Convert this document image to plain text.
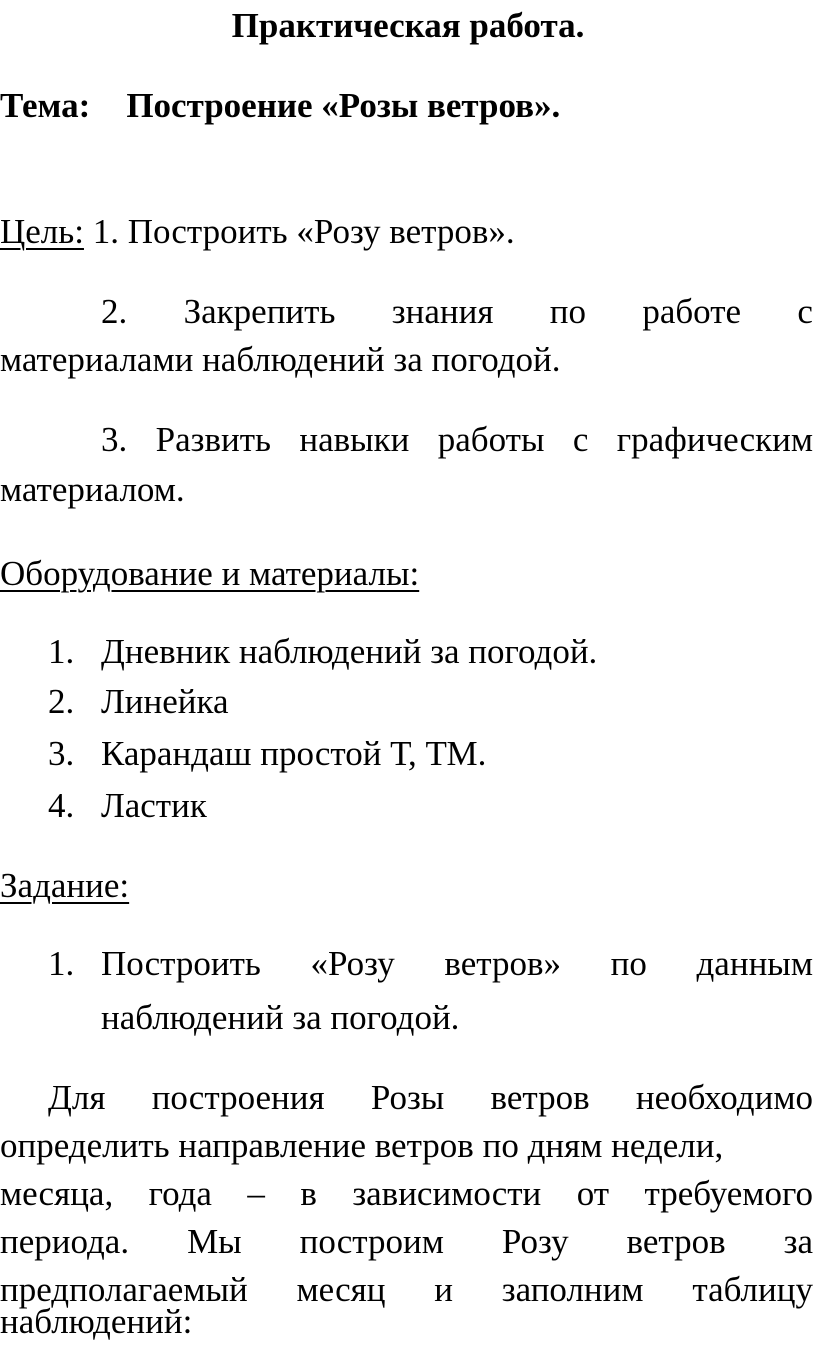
Практическая работа.
Тема: Построение «Розы ветров».
Цель: 1. Построить «Розу ветров».
2. Закрепить знания по работе с
материалами наблюдений за погодой.
3. Развить навыки работы с графическим
материалом.
Оборудование и материалы:
1. Дневник наблюдений за погодой.
2. Линейка
3. Карандаш простой Т, ТМ.
4. Ластик
Задание:
1. Построить «Розу ветров» по данным
наблюдений за погодой.
Для построения Розы ветров необходимо
определить направление ветров по дням недели,
месяца, года – в зависимости от требуемого
периода. Мы построим Розу ветров за
предполагаемый месяц и заполним таблицу
наблюдений:
